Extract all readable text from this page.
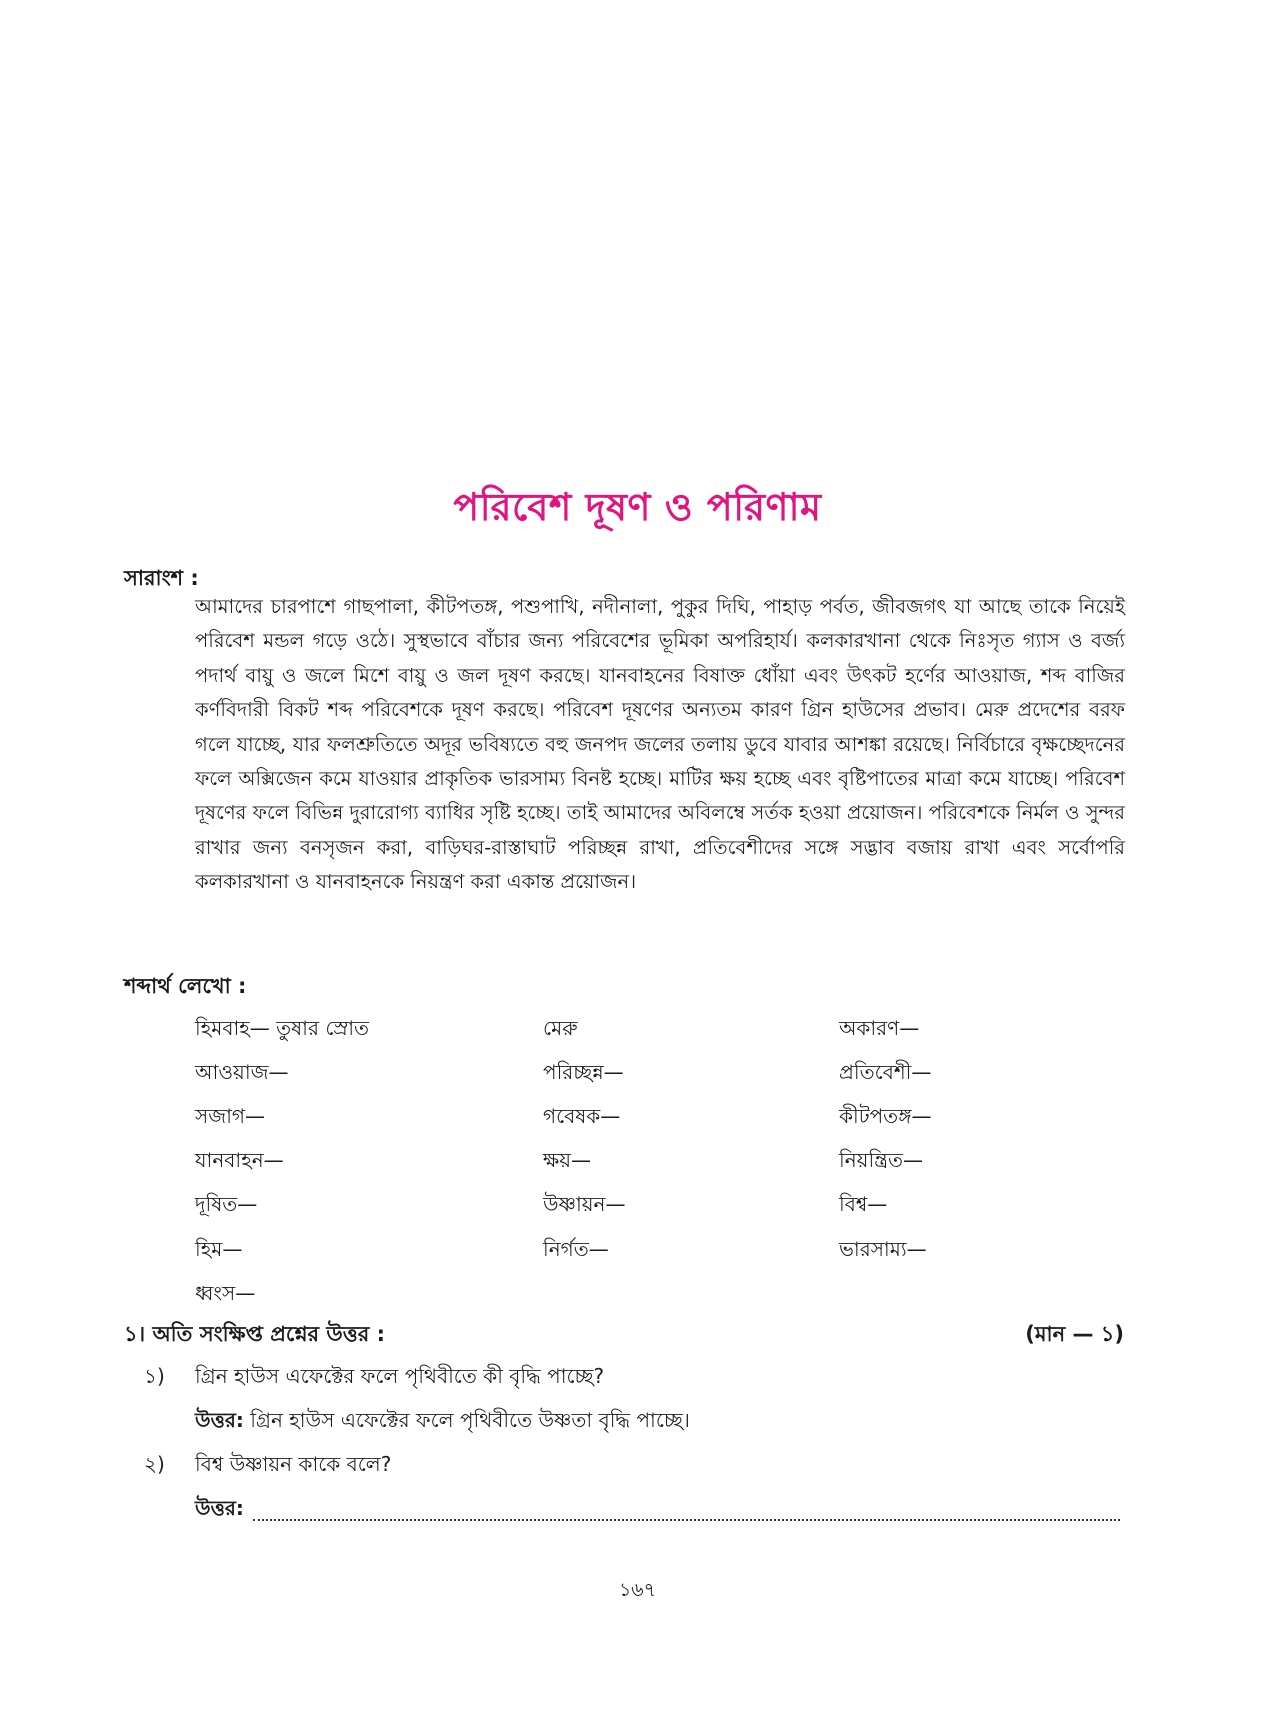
পরিবেশ দূষণ ও পরিণাম
সারাংশ :

আমাদের চারপাশে গাছপালা, কীটপতঙ্গ, পশুপাখি, নদীনালা, পুকুর দিঘি, পাহাড় পর্বত, জীবজগৎ যা আছে তাকে নিয়েই পরিবেশ মন্ডল গড়ে ওঠে। সুস্থভাবে বাঁচার জন্য পরিবেশের ভূমিকা অপরিহার্য। কলকারখানা থেকে নিঃসৃত গ্যাস ও বর্জ্য পদার্থ বায়ু ও জলে মিশে বায়ু ও জল দূষণ করছে। যানবাহনের বিষাক্ত ধোঁয়া এবং উৎকট হর্ণের আওয়াজ, শব্দ বাজির কর্ণবিদারী বিকট শব্দ পরিবেশকে দূষণ করছে। পরিবেশ দূষণের অন্যতম কারণ গ্রিন হাউসের প্রভাব। মেরু প্রদেশের বরফ গলে যাচ্ছে, যার ফলশ্রুতিতে অদূর ভবিষ্যতে বহু জনপদ জলের তলায় ডুবে যাবার আশঙ্কা রয়েছে। নির্বিচারে বৃক্ষচ্ছেদনের ফলে অক্সিজেন কমে যাওয়ার প্রাকৃতিক ভারসাম্য বিনষ্ট হচ্ছে। মাটির ক্ষয় হচ্ছে এবং বৃষ্টিপাতের মাত্রা কমে যাচ্ছে। পরিবেশ দূষণের ফলে বিভিন্ন দুরারোগ্য ব্যাধির সৃষ্টি হচ্ছে। তাই আমাদের অবিলম্বে সর্তক হওয়া প্রয়োজন। পরিবেশকে নির্মল ও সুন্দর রাখার জন্য বনসৃজন করা, বাড়িঘর-রাস্তাঘাট পরিচ্ছন্ন রাখা, প্রতিবেশীদের সঙ্গে সদ্ভাব বজায় রাখা এবং সর্বোপরি কলকারখানা ও যানবাহনকে নিয়ন্ত্রণ করা একান্ত প্রয়োজন।

শব্দার্থ লেখো :
হিমবাহ— তুষার স্রোত	মেরু	অকারণ—
আওয়াজ—	পরিচ্ছন্ন—	প্রতিবেশী—
সজাগ—	গবেষক—	কীটপতঙ্গ—
যানবাহন—	ক্ষয়—	নিয়ন্ত্রিত—
দূষিত—	উষ্ণায়ন—	বিশ্ব—
হিম—	নির্গত—	ভারসাম্য—
ধ্বংস—
১। অতি সংক্ষিপ্ত প্রশ্নের উত্তর :	(মান — ১)
১) গ্রিন হাউস এফেক্টের ফলে পৃথিবীতে কী বৃদ্ধি পাচ্ছে?
উত্তর: গ্রিন হাউস এফেক্টের ফলে পৃথিবীতে উষ্ণতা বৃদ্ধি পাচ্ছে।
২) বিশ্ব উষ্ণায়ন কাকে বলে?
উত্তর:
১৬৭
